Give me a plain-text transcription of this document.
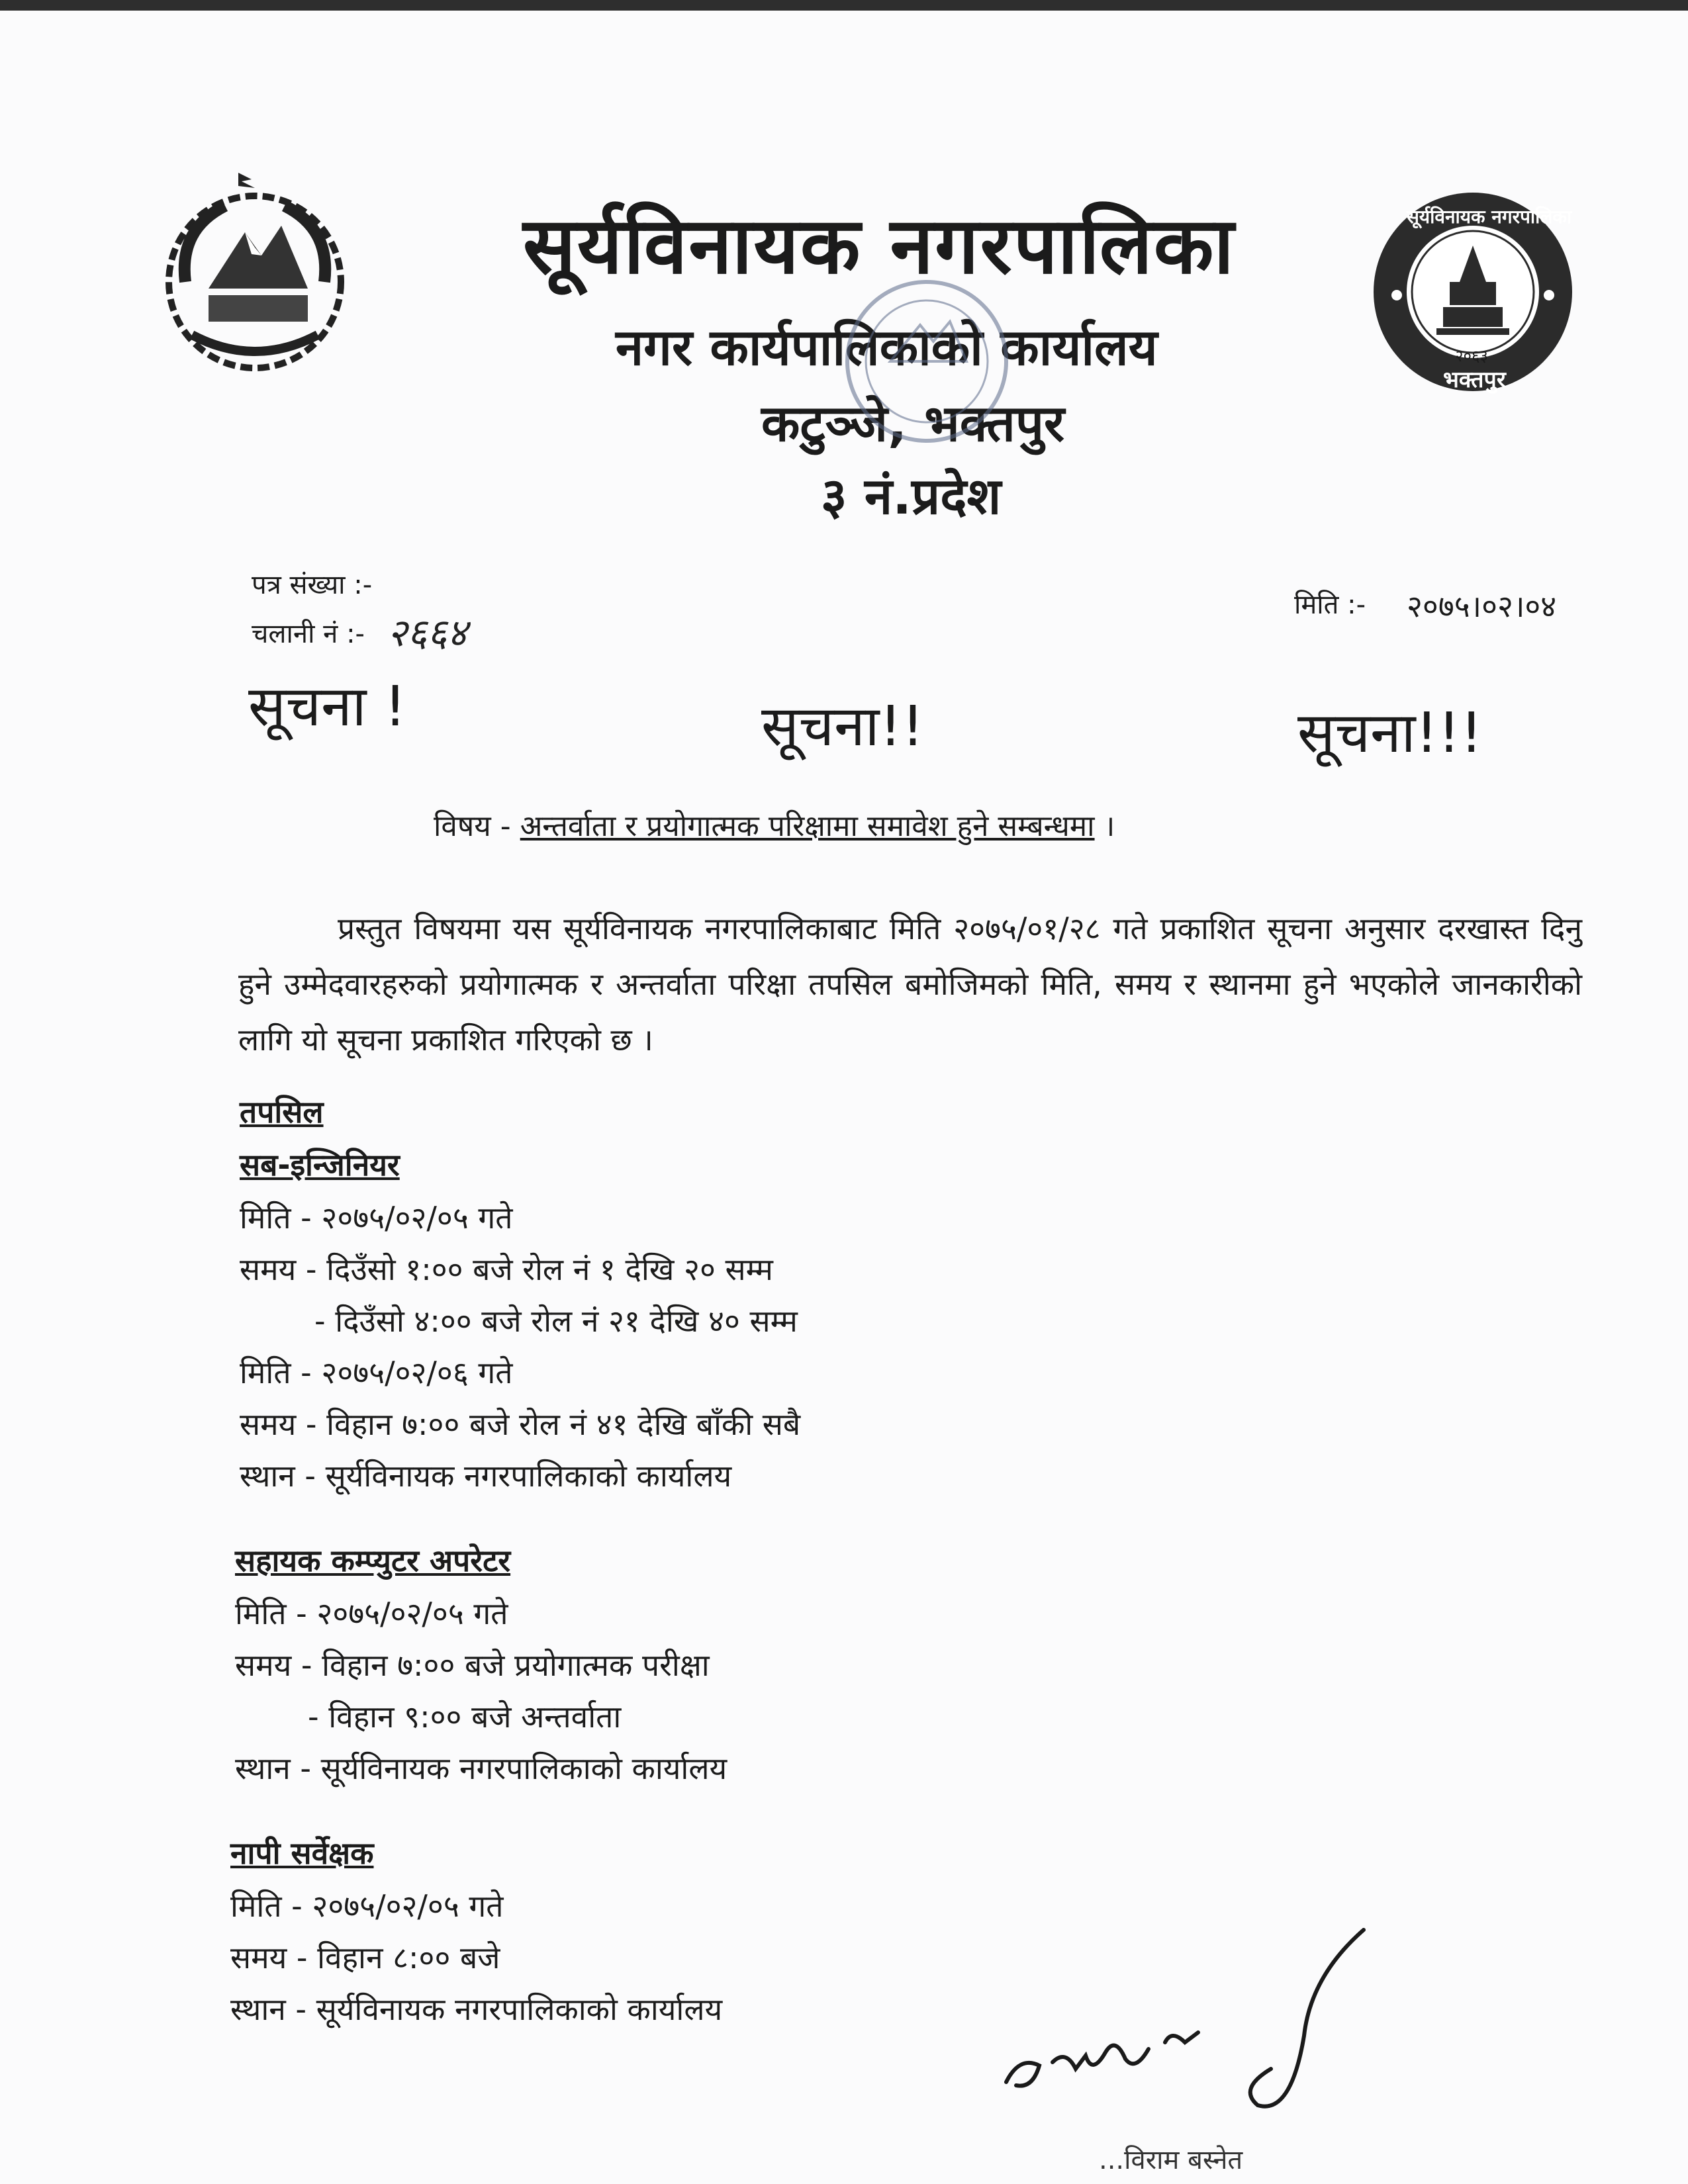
सूर्यविनायक नगरपालिका
२०६३
भक्तपुर
सूर्यविनायक नगरपालिका
नगर कार्यपालिकाको कार्यालय
कटुञ्जे, भक्तपुर
३ नं.प्रदेश
पत्र संख्या :-
चलानी नं :- २६६४
मिति :- २०७५।०२।०४
सूचना !	सूचना!!	सूचना!!!
विषय - अन्तर्वाता र प्रयोगात्मक परिक्षामा समावेश हुने सम्बन्धमा ।
प्रस्तुत विषयमा यस सूर्यविनायक नगरपालिकाबाट मिति २०७५/०१/२८ गते प्रकाशित सूचना अनुसार दरखास्त दिनु हुने उम्मेदवारहरुको प्रयोगात्मक र अन्तर्वाता परिक्षा तपसिल बमोजिमको मिति, समय र स्थानमा हुने भएकोले जानकारीको लागि यो सूचना प्रकाशित गरिएको छ ।
तपसिल
सब-इन्जिनियर
मिति - २०७५/०२/०५ गते
समय - दिउँसो १:०० बजे रोल नं १ देखि २० सम्म
- दिउँसो ४:०० बजे रोल नं २१ देखि ४० सम्म
मिति - २०७५/०२/०६ गते
समय - विहान ७:०० बजे रोल नं ४१ देखि बाँकी सबै
स्थान - सूर्यविनायक नगरपालिकाको कार्यालय
सहायक कम्प्युटर अपरेटर
मिति - २०७५/०२/०५ गते
समय - विहान ७:०० बजे प्रयोगात्मक परीक्षा
- विहान ९:०० बजे अन्तर्वाता
स्थान - सूर्यविनायक नगरपालिकाको कार्यालय
नापी सर्वेक्षक
मिति - २०७५/०२/०५ गते
समय - विहान ८:०० बजे
स्थान - सूर्यविनायक नगरपालिकाको कार्यालय
...विराम बस्नेत
